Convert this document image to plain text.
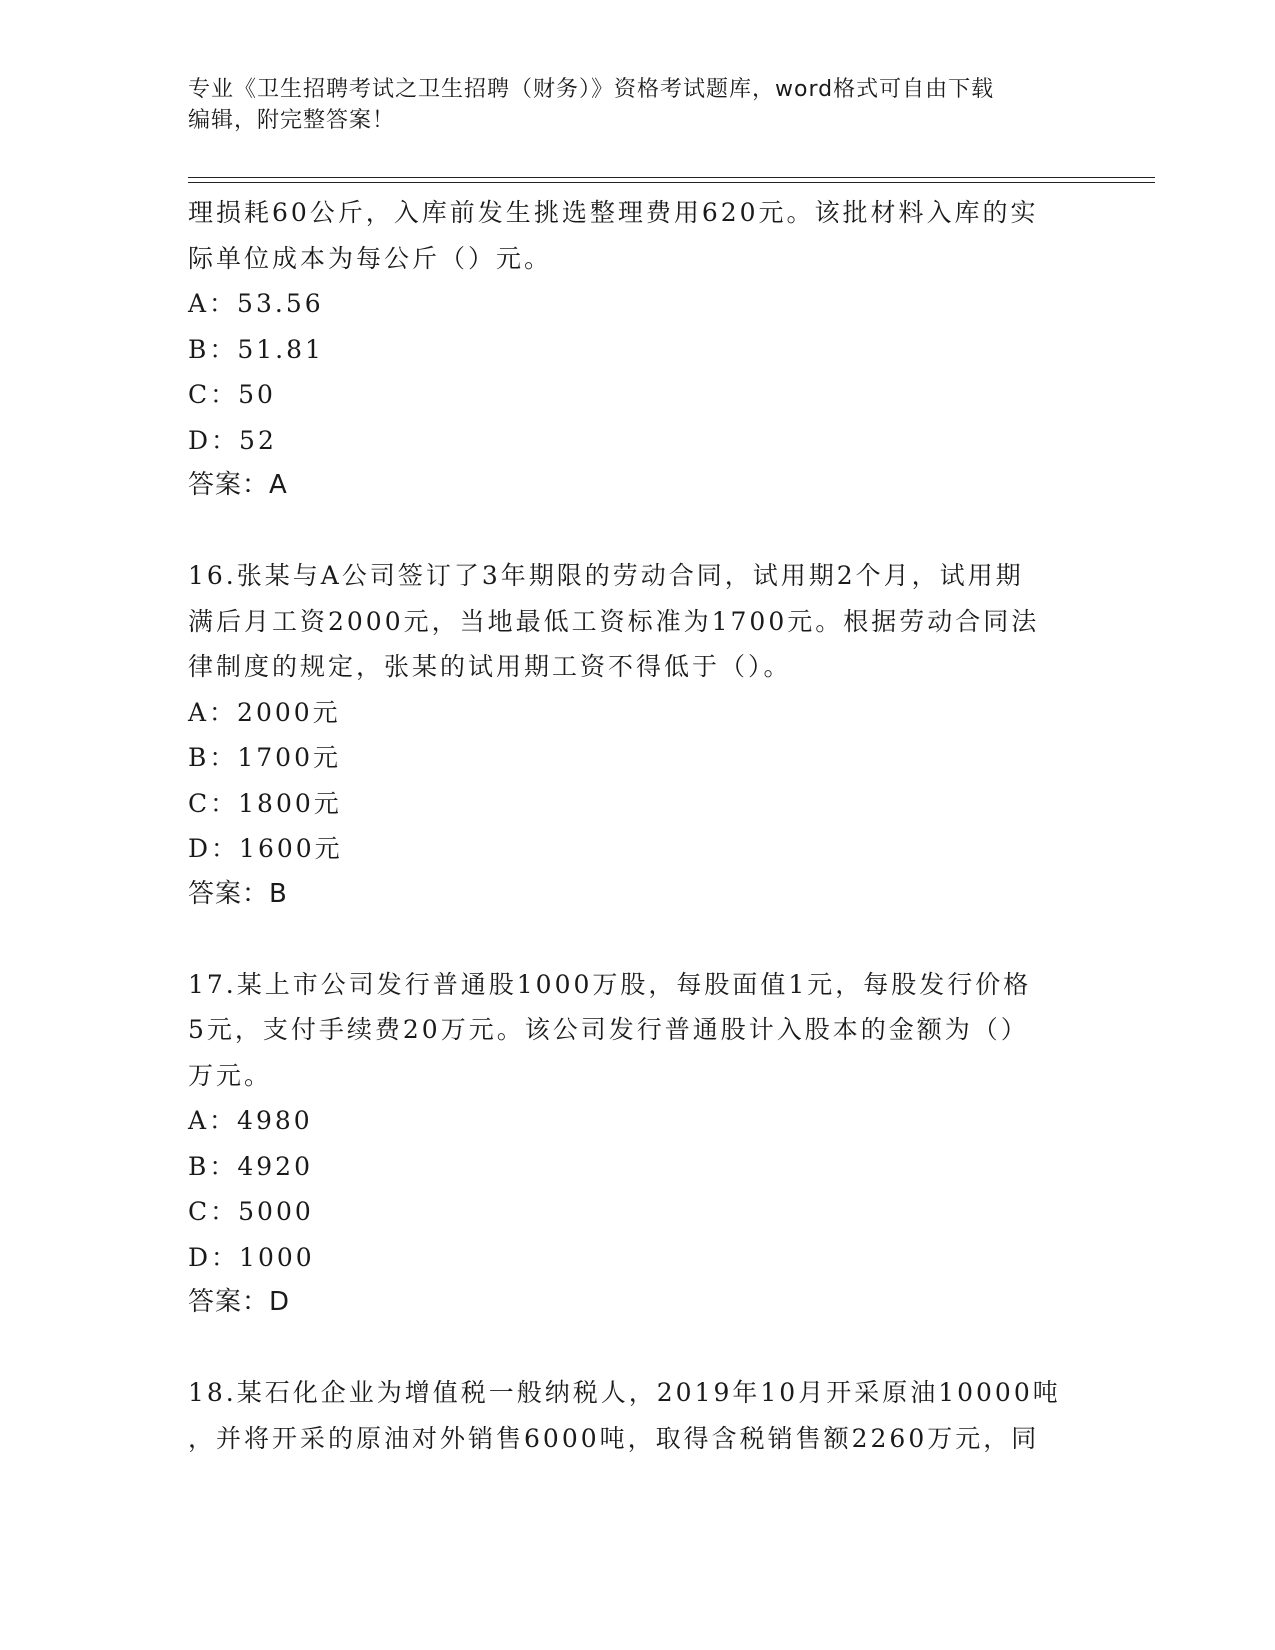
专业《卫生招聘考试之卫生招聘（财务）》资格考试题库，word格式可自由下载
编辑，附完整答案！
理损耗60公斤，入库前发生挑选整理费用620元。该批材料入库的实
际单位成本为每公斤（）元。
A：53.56
B：51.81
C：50
D：52
答案：A
16.张某与A公司签订了3年期限的劳动合同，试用期2个月，试用期
满后月工资2000元，当地最低工资标准为1700元。根据劳动合同法
律制度的规定，张某的试用期工资不得低于（）。
A：2000元
B：1700元
C：1800元
D：1600元
答案：B
17.某上市公司发行普通股1000万股，每股面值1元，每股发行价格
5元，支付手续费20万元。该公司发行普通股计入股本的金额为（）
万元。
A：4980
B：4920
C：5000
D：1000
答案：D
18.某石化企业为增值税一般纳税人，2019年10月开采原油10000吨
，并将开采的原油对外销售6000吨，取得含税销售额2260万元，同
